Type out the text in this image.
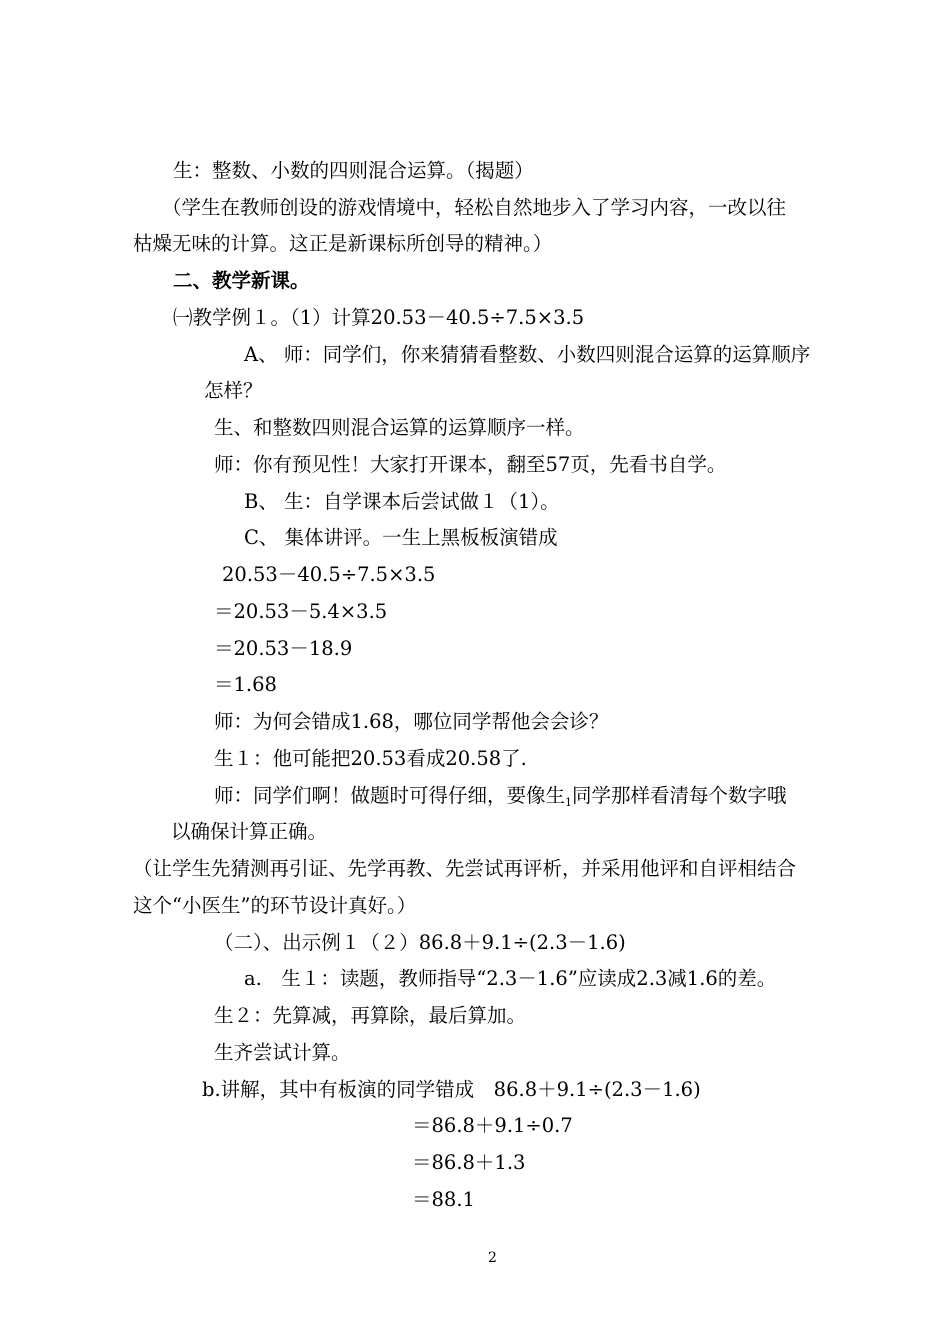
生：整数、小数的四则混合运算。（揭题）
（学生在教师创设的游戏情境中，轻松自然地步入了学习内容，一改以往
枯燥无味的计算。这正是新课标所创导的精神。）
二、教学新课。
㈠教学例１。（1）计算20.53－40.5÷7.5×3.5
A、 师：同学们，你来猜猜看整数、小数四则混合运算的运算顺序
怎样？
生、和整数四则混合运算的运算顺序一样。
师：你有预见性！大家打开课本，翻至57页，先看书自学。
B、 生：自学课本后尝试做１（1）。
C、 集体讲评。一生上黑板板演错成
20.53－40.5÷7.5×3.5
＝20.53－5.4×3.5
＝20.53－18.9
＝1.68
师：为何会错成1.68，哪位同学帮他会会诊？
生１：他可能把20.53看成20.58了.
师：同学们啊！做题时可得仔细，要像生$_1$同学那样看清每个数字哦
以确保计算正确。
（让学生先猜测再引证、先学再教、先尝试再评析，并采用他评和自评相结合
这个“小医生”的环节设计真好。）
（二）、出示例１（２）86.8＋9.1÷(2.3－1.6)
a.　生１：读题，教师指导“2.3－1.6”应读成2.3减1.6的差。
生２：先算减，再算除，最后算加。
生齐尝试计算。
b.讲解，其中有板演的同学错成　86.8＋9.1÷(2.3－1.6)
＝86.8＋9.1÷0.7
＝86.8＋1.3
＝88.1
2
